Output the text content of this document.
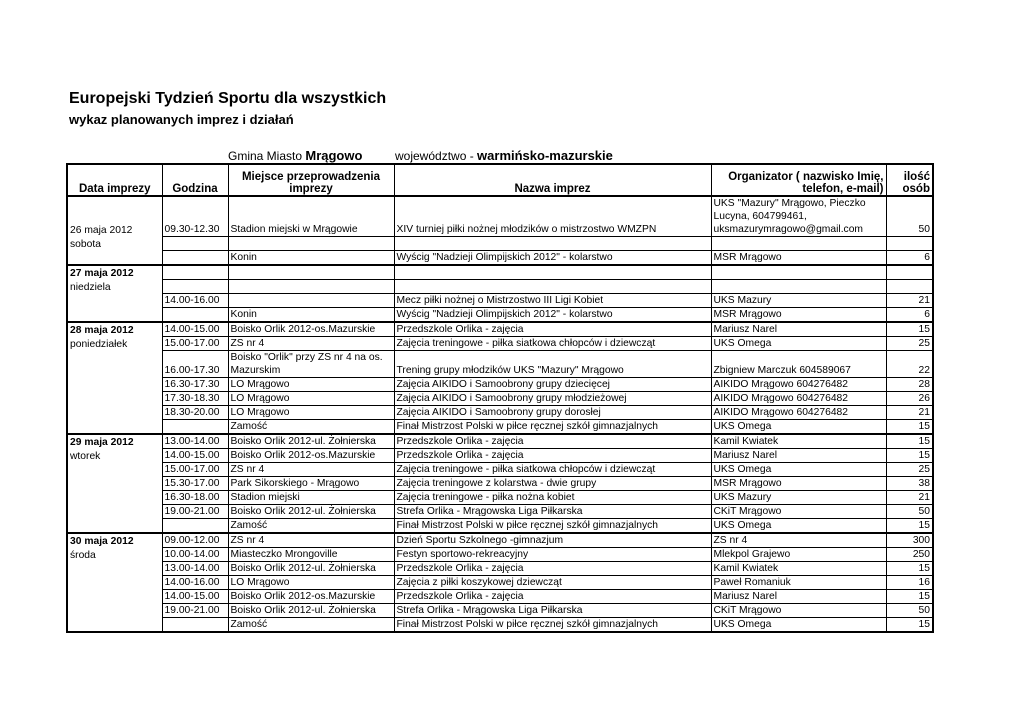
Europejski Tydzień Sportu dla wszystkich
wykaz planowanych imprez i działań
Gmina Miasto Mrągowo	województwo - warmińsko-mazurskie
Data imprezy	Godzina	Miejsce przeprowadzenia imprezy	Nazwa imprez	Organizator ( nazwisko Imię, telefon, e-mail)	ilość osób
26 maja 2012	09.30-12.30	Stadion miejski w Mrągowie	XIV turniej piłki nożnej młodzików o mistrzostwo WMZPN	UKS "Mazury" Mrągowo, Pieczko Lucyna, 604799461, uksmazurymragowo@gmail.com	50
sobota					
		Konin	Wyścig "Nadzieji Olimpijskich 2012" - kolarstwo	MSR Mrągowo	6
27 maja 2012					
niedziela					
	14.00-16.00		Mecz piłki nożnej o Mistrzostwo III Ligi Kobiet	UKS Mazury	21
		Konin	Wyścig "Nadzieji Olimpijskich 2012" - kolarstwo	MSR Mrągowo	6
28 maja 2012	14.00-15.00	Boisko Orlik 2012-os.Mazurskie	Przedszkole Orlika - zajęcia	Mariusz Narel	15
poniedziałek	15.00-17.00	ZS nr 4	Zajęcia treningowe - piłka siatkowa chłopców i dziewcząt	UKS Omega	25
	16.00-17.30	Boisko "Orlik" przy ZS nr 4 na os. Mazurskim	Trening grupy młodzików UKS "Mazury" Mrągowo	Zbigniew Marczuk 604589067	22
	16.30-17.30	LO Mrągowo	Zajęcia AIKIDO i Samoobrony grupy dziecięcej	AIKIDO Mrągowo 604276482	28
	17.30-18.30	LO Mrągowo	Zajęcia AIKIDO i Samoobrony grupy młodzieżowej	AIKIDO Mrągowo 604276482	26
	18.30-20.00	LO Mrągowo	Zajęcia AIKIDO i Samoobrony grupy dorosłej	AIKIDO Mrągowo 604276482	21
		Zamość	Finał Mistrzost Polski w piłce ręcznej szkół gimnazjalnych	UKS Omega	15
29 maja 2012	13.00-14.00	Boisko Orlik 2012-ul. Żołnierska	Przedszkole Orlika - zajęcia	Kamil Kwiatek	15
wtorek	14.00-15.00	Boisko Orlik 2012-os.Mazurskie	Przedszkole Orlika - zajęcia	Mariusz Narel	15
	15.00-17.00	ZS nr 4	Zajęcia treningowe - piłka siatkowa chłopców i dziewcząt	UKS Omega	25
	15.30-17.00	Park Sikorskiego - Mrągowo	Zajęcia treningowe z kolarstwa - dwie grupy	MSR Mrągowo	38
	16.30-18.00	Stadion miejski	Zajęcia treningowe - piłka nożna kobiet	UKS Mazury	21
	19.00-21.00	Boisko Orlik 2012-ul. Żołnierska	Strefa Orlika - Mrągowska Liga Piłkarska	CKiT Mrągowo	50
		Zamość	Finał Mistrzost Polski w piłce ręcznej szkół gimnazjalnych	UKS Omega	15
30 maja 2012	09.00-12.00	ZS nr 4	Dzień Sportu Szkolnego -gimnazjum	ZS nr 4	300
środa	10.00-14.00	Miasteczko Mrongoville	Festyn sportowo-rekreacyjny	Mlekpol Grajewo	250
	13.00-14.00	Boisko Orlik 2012-ul. Żołnierska	Przedszkole Orlika - zajęcia	Kamil Kwiatek	15
	14.00-16.00	LO Mrągowo	Zajęcia z piłki koszykowej dziewcząt	Paweł Romaniuk	16
	14.00-15.00	Boisko Orlik 2012-os.Mazurskie	Przedszkole Orlika - zajęcia	Mariusz Narel	15
	19.00-21.00	Boisko Orlik 2012-ul. Żołnierska	Strefa Orlika - Mrągowska Liga Piłkarska	CKiT Mrągowo	50
		Zamość	Finał Mistrzost Polski w piłce ręcznej szkół gimnazjalnych	UKS Omega	15
